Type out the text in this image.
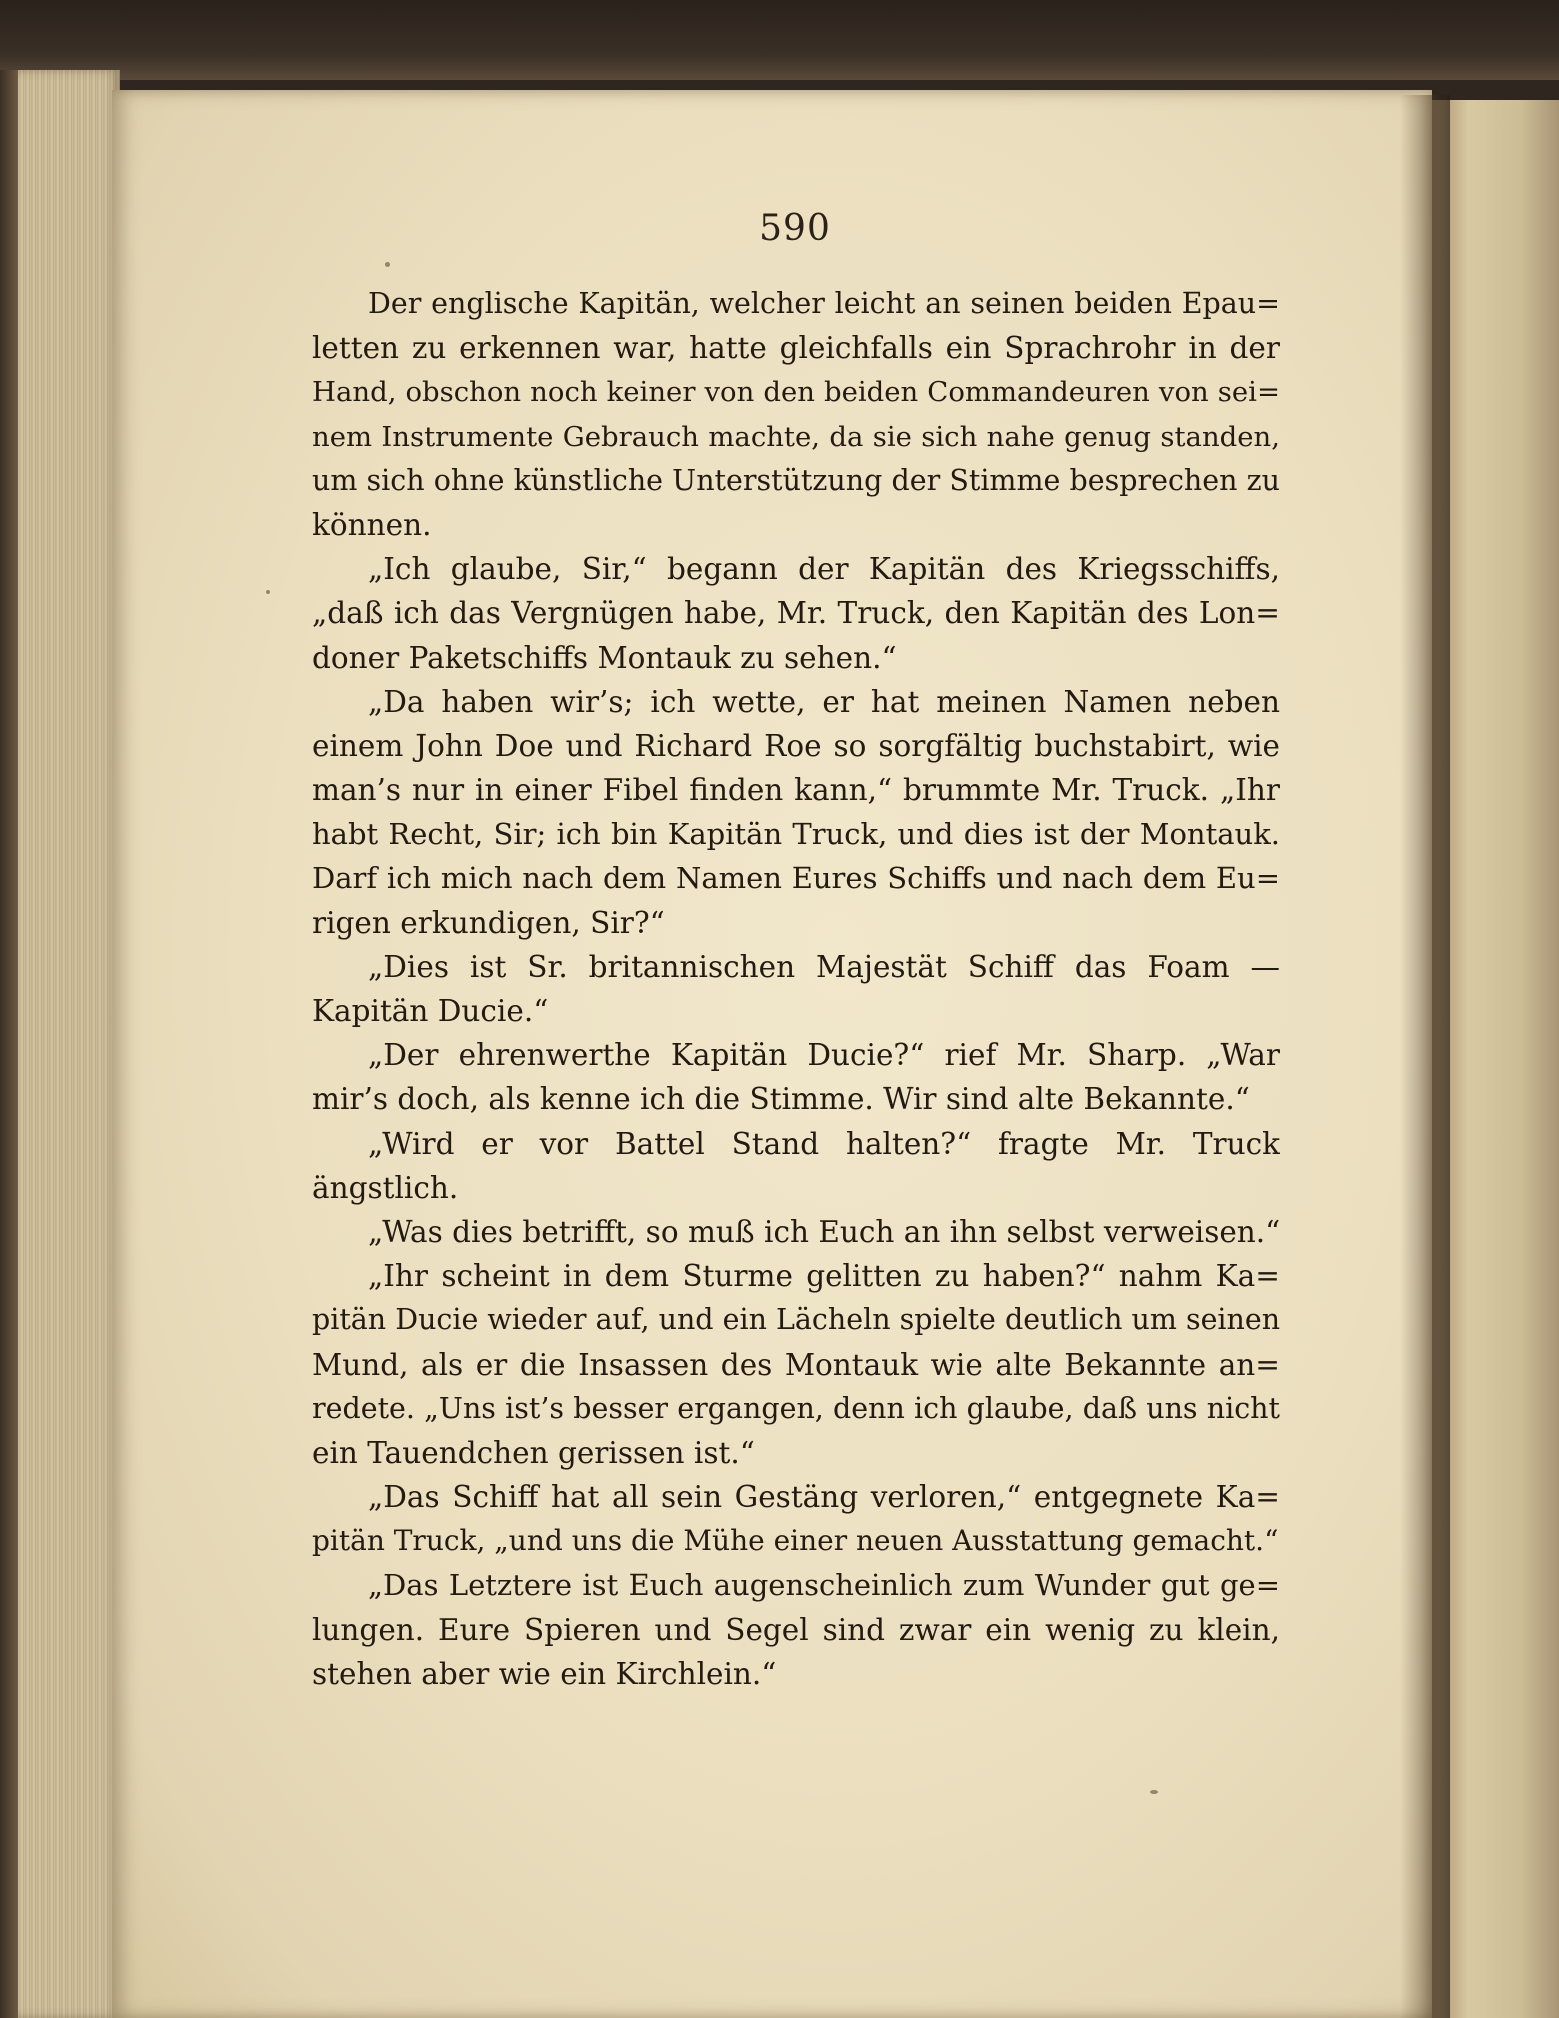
590
Der englische Kapitän, welcher leicht an seinen beiden Epau=
letten zu erkennen war, hatte gleichfalls ein Sprachrohr in der
Hand, obschon noch keiner von den beiden Commandeuren von sei=
nem Instrumente Gebrauch machte, da sie sich nahe genug standen,
um sich ohne künstliche Unterstützung der Stimme besprechen zu
können.
„Ich glaube, Sir,“ begann der Kapitän des Kriegsschiffs,
„daß ich das Vergnügen habe, Mr. Truck, den Kapitän des Lon=
doner Paketschiffs Montauk zu sehen.“
„Da haben wir’s; ich wette, er hat meinen Namen neben
einem John Doe und Richard Roe so sorgfältig buchstabirt, wie
man’s nur in einer Fibel finden kann,“ brummte Mr. Truck. „Ihr
habt Recht, Sir; ich bin Kapitän Truck, und dies ist der Montauk.
Darf ich mich nach dem Namen Eures Schiffs und nach dem Eu=
rigen erkundigen, Sir?“
„Dies ist Sr. britannischen Majestät Schiff das Foam —
Kapitän Ducie.“
„Der ehrenwerthe Kapitän Ducie?“ rief Mr. Sharp. „War
mir’s doch, als kenne ich die Stimme. Wir sind alte Bekannte.“
„Wird er vor Battel Stand halten?“ fragte Mr. Truck
ängstlich.
„Was dies betrifft, so muß ich Euch an ihn selbst verweisen.“
„Ihr scheint in dem Sturme gelitten zu haben?“ nahm Ka=
pitän Ducie wieder auf, und ein Lächeln spielte deutlich um seinen
Mund, als er die Insassen des Montauk wie alte Bekannte an=
redete. „Uns ist’s besser ergangen, denn ich glaube, daß uns nicht
ein Tauendchen gerissen ist.“
„Das Schiff hat all sein Gestäng verloren,“ entgegnete Ka=
pitän Truck, „und uns die Mühe einer neuen Ausstattung gemacht.“
„Das Letztere ist Euch augenscheinlich zum Wunder gut ge=
lungen. Eure Spieren und Segel sind zwar ein wenig zu klein,
stehen aber wie ein Kirchlein.“
